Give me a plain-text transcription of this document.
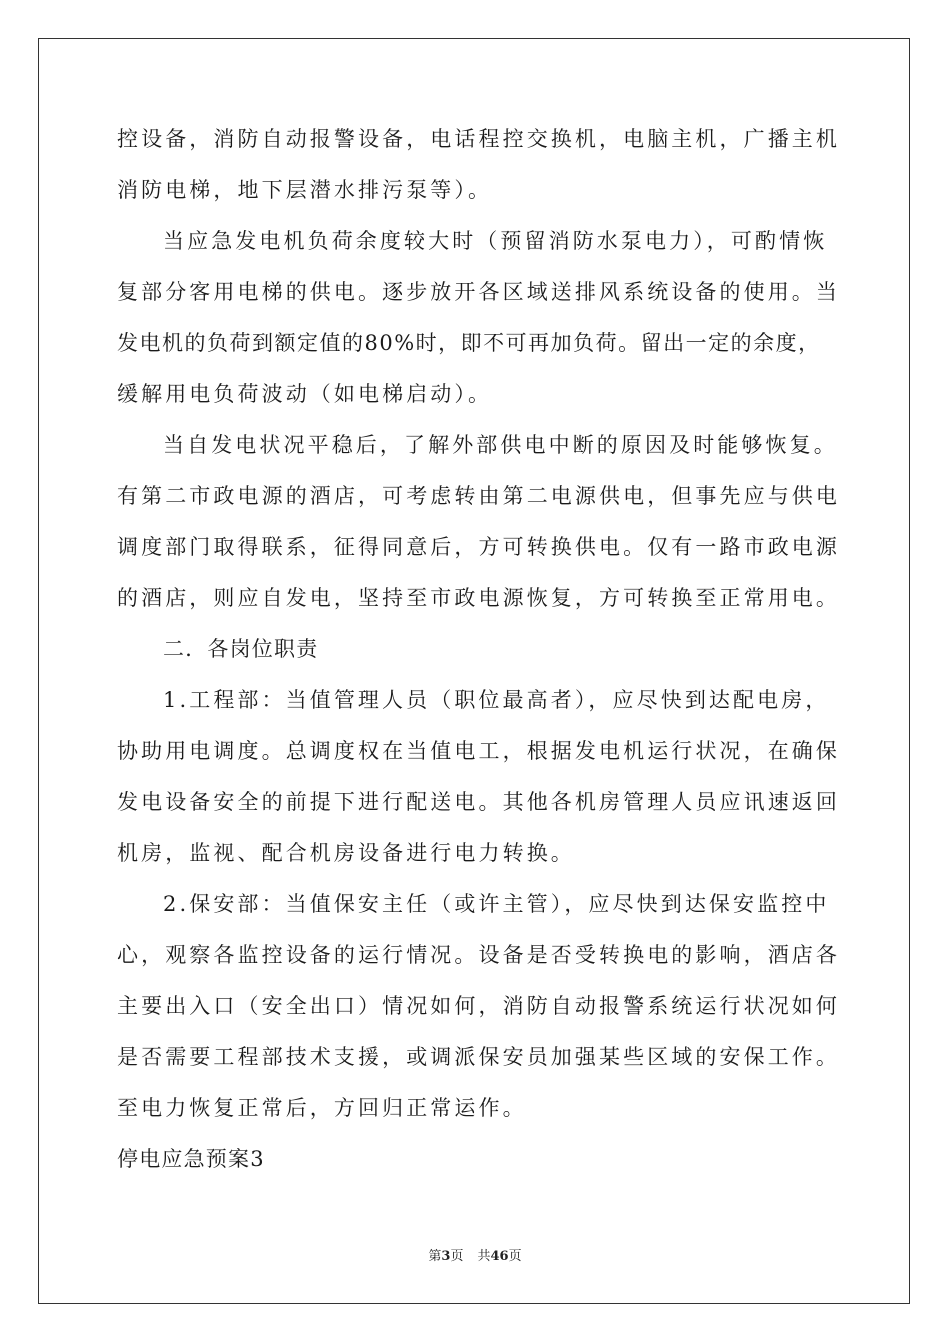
控设备，消防自动报警设备，电话程控交换机，电脑主机，广播主机
消防电梯，地下层潜水排污泵等）。
当应急发电机负荷余度较大时（预留消防水泵电力），可酌情恢
复部分客用电梯的供电。逐步放开各区域送排风系统设备的使用。当
发电机的负荷到额定值的80%时，即不可再加负荷。留出一定的余度，
缓解用电负荷波动（如电梯启动）。
当自发电状况平稳后，了解外部供电中断的原因及时能够恢复。
有第二市政电源的酒店，可考虑转由第二电源供电，但事先应与供电
调度部门取得联系，征得同意后，方可转换供电。仅有一路市政电源
的酒店，则应自发电，坚持至市政电源恢复，方可转换至正常用电。
二．各岗位职责
1.工程部：当值管理人员（职位最高者），应尽快到达配电房，
协助用电调度。总调度权在当值电工，根据发电机运行状况，在确保
发电设备安全的前提下进行配送电。其他各机房管理人员应讯速返回
机房，监视、配合机房设备进行电力转换。
2.保安部：当值保安主任（或许主管），应尽快到达保安监控中
心，观察各监控设备的运行情况。设备是否受转换电的影响，酒店各
主要出入口（安全出口）情况如何，消防自动报警系统运行状况如何
是否需要工程部技术支援，或调派保安员加强某些区域的安保工作。
至电力恢复正常后，方回归正常运作。
停电应急预案3
第3页 共46页
